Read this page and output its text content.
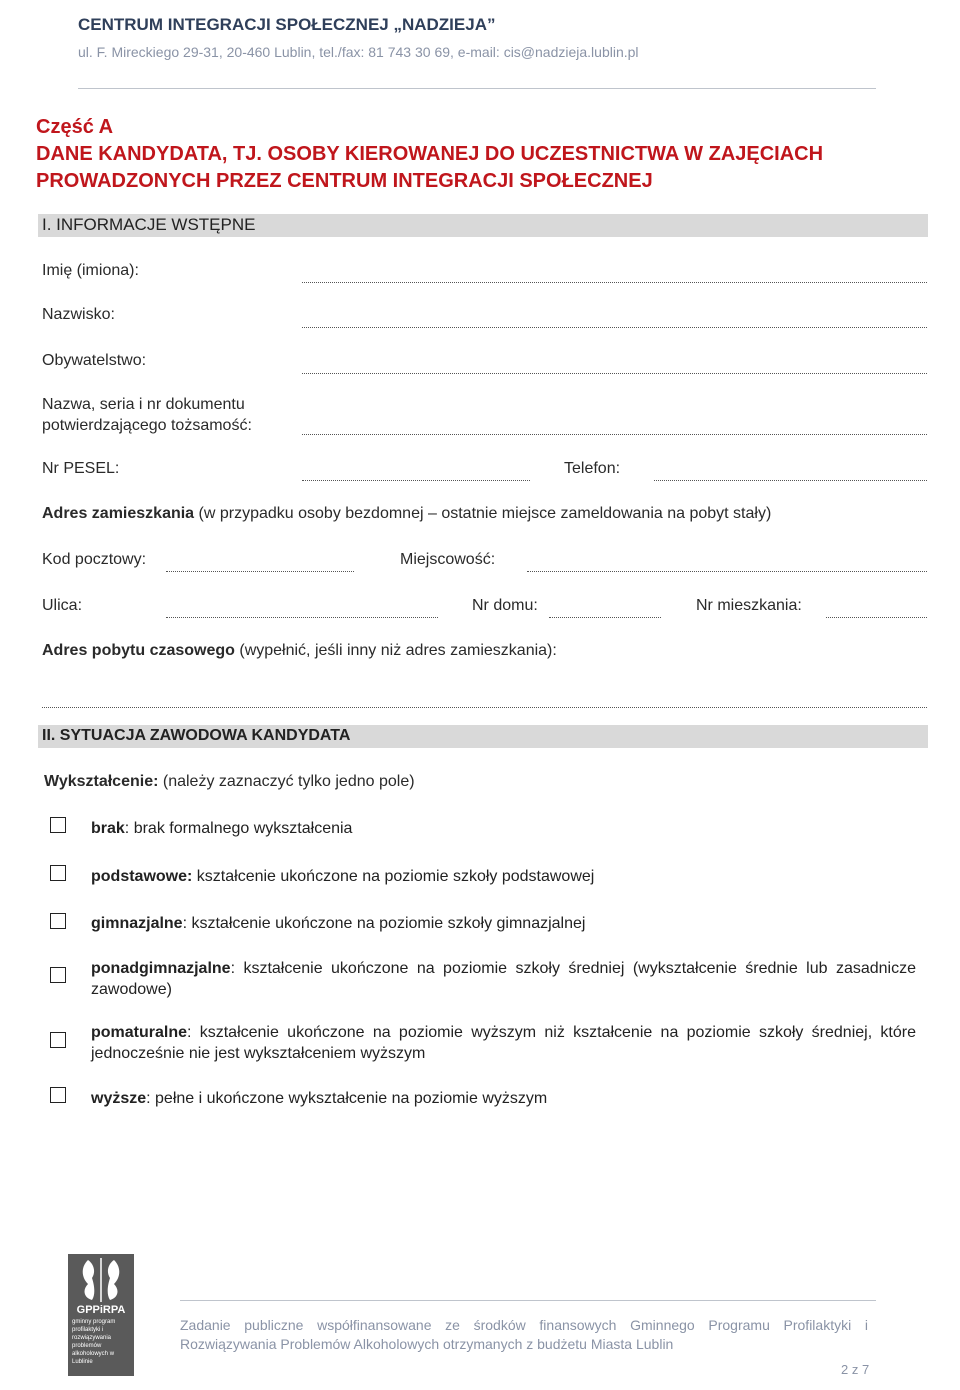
CENTRUM INTEGRACJI SPOŁECZNEJ „NADZIEJA”
ul. F. Mireckiego 29-31, 20-460 Lublin, tel./fax: 81 743 30 69, e-mail: cis@nadzieja.lublin.pl
Część A
DANE KANDYDATA, TJ. OSOBY KIEROWANEJ DO UCZESTNICTWA W ZAJĘCIACH
PROWADZONYCH PRZEZ CENTRUM INTEGRACJI SPOŁECZNEJ
I. INFORMACJE WSTĘPNE
Imię (imiona):
Nazwisko:
Obywatelstwo:
Nazwa, seria i nr dokumentu
potwierdzającego tożsamość:
Nr PESEL:	Telefon:
Adres zamieszkania (w przypadku osoby bezdomnej – ostatnie miejsce zameldowania na pobyt stały)
Kod pocztowy:	Miejscowość:
Ulica:	Nr domu:	Nr mieszkania:
Adres pobytu czasowego (wypełnić, jeśli inny niż adres zamieszkania):
II. SYTUACJA ZAWODOWA KANDYDATA
Wykształcenie: (należy zaznaczyć tylko jedno pole)
brak: brak formalnego wykształcenia
podstawowe: kształcenie ukończone na poziomie szkoły podstawowej
gimnazjalne: kształcenie ukończone na poziomie szkoły gimnazjalnej
ponadgimnazjalne: kształcenie ukończone na poziomie szkoły średniej (wykształcenie średnie lub zasadnicze zawodowe)
pomaturalne: kształcenie ukończone na poziomie wyższym niż kształcenie na poziomie szkoły średniej, które jednocześnie nie jest wykształceniem wyższym
wyższe: pełne i ukończone wykształcenie na poziomie wyższym
GPPiRPA
gminny program profilaktyki i rozwiązywania problemów alkoholowych w Lublinie
Zadanie publiczne współfinansowane ze środków finansowych Gminnego Programu Profilaktyki i Rozwiązywania Problemów Alkoholowych otrzymanych z budżetu Miasta Lublin
2 z 7
